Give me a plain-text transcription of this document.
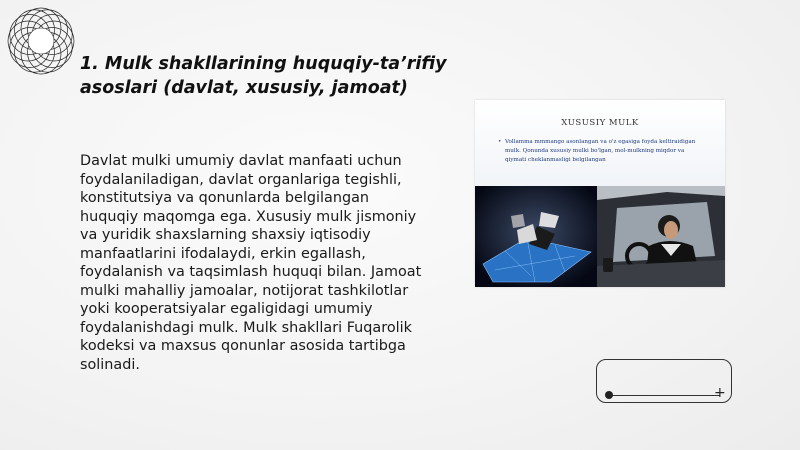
1. Mulk shakllarining huquqiy-ta’rifiy asoslari (davlat, xususiy, jamoat)

Davlat mulki umumiy davlat manfaati uchun foydalaniladigan, davlat organlariga tegishli, konstitutsiya va qonunlarda belgilangan huquqiy maqomga ega. Xususiy mulk jismoniy va yuridik shaxslarning shaxsiy iqtisodiy manfaatlarini ifodalaydi, erkin egallash, foydalanish va taqsimlash huquqi bilan. Jamoat mulki mahalliy jamoalar, notijorat tashkilotlar yoki kooperatsiyalar egaligidagi umumiy foydalanishdagi mulk. Mulk shakllari Fuqarolik kodeksi va maxsus qonunlar asosida tartibga solinadi.

XUSUSIY MULK
• Vollamma mmmango asonlangan va o'z egasiga foyda keltiraidigan mulk. Qonunda xususiy mulki bo'lgan, mol-mulkning miqdor va qiymati cheklanmasligi belgilangan
+
